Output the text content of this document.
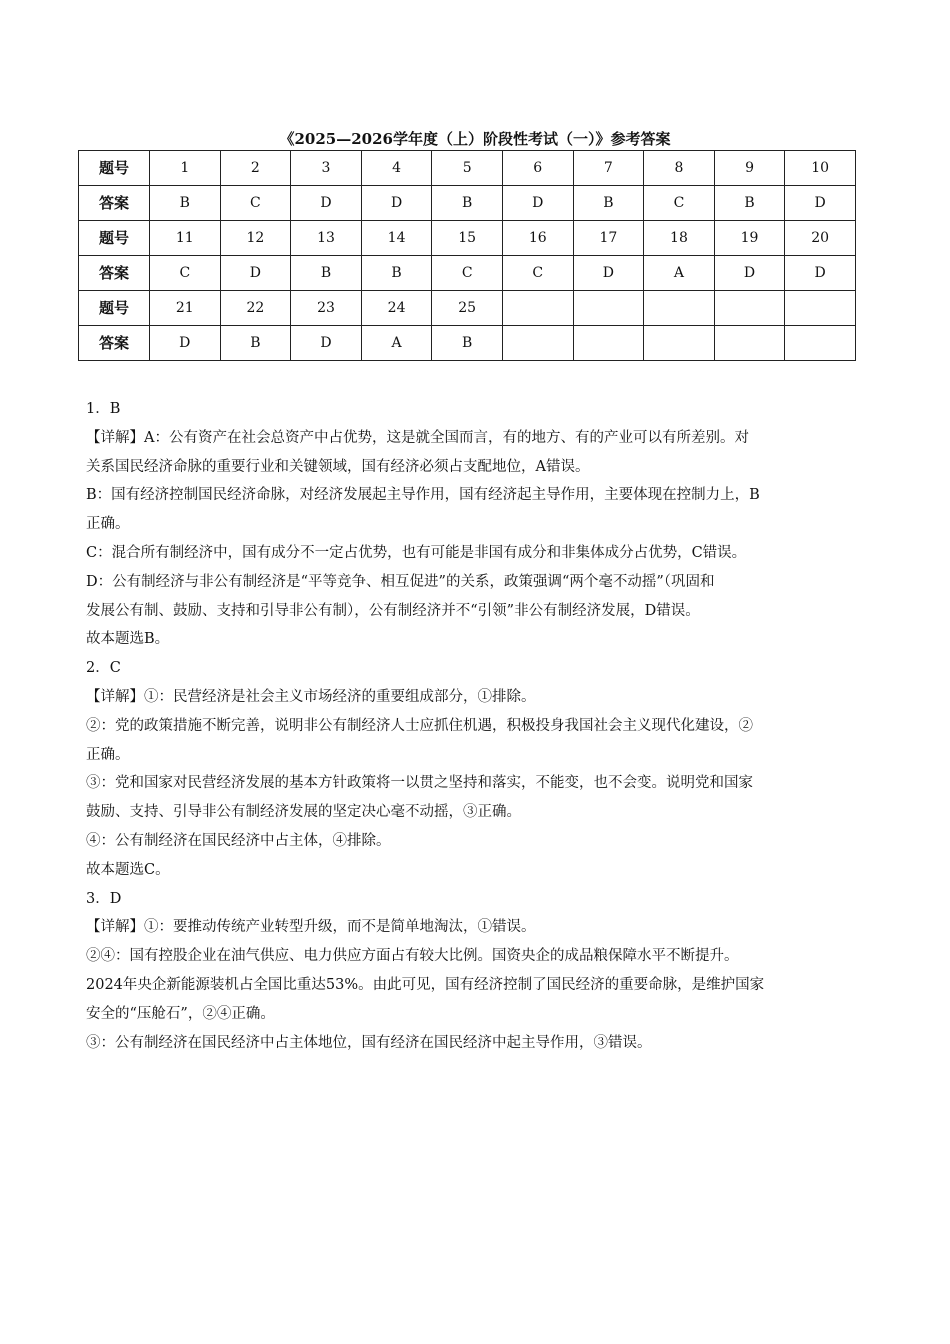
《2025—2026学年度（上）阶段性考试（一）》参考答案
题号	1	2	3	4	5	6	7	8	9	10
答案	B	C	D	D	B	D	B	C	B	D
题号	11	12	13	14	15	16	17	18	19	20
答案	C	D	B	B	C	C	D	A	D	D
题号	21	22	23	24	25					
答案	D	B	D	A	B					

1．B

【详解】A：公有资产在社会总资产中占优势，这是就全国而言，有的地方、有的产业可以有所差别。对

关系国民经济命脉的重要行业和关键领域，国有经济必须占支配地位，A错误。

B：国有经济控制国民经济命脉，对经济发展起主导作用，国有经济起主导作用，主要体现在控制力上，B

正确。

C：混合所有制经济中，国有成分不一定占优势，也有可能是非国有成分和非集体成分占优势，C错误。

D：公有制经济与非公有制经济是“平等竞争、相互促进”的关系，政策强调“两个毫不动摇”（巩固和

发展公有制、鼓励、支持和引导非公有制），公有制经济并不“引领”非公有制经济发展，D错误。

故本题选B。

2．C

【详解】①：民营经济是社会主义市场经济的重要组成部分，①排除。

②：党的政策措施不断完善，说明非公有制经济人士应抓住机遇，积极投身我国社会主义现代化建设，②

正确。

③：党和国家对民营经济发展的基本方针政策将一以贯之坚持和落实，不能变，也不会变。说明党和国家

鼓励、支持、引导非公有制经济发展的坚定决心毫不动摇，③正确。

④：公有制经济在国民经济中占主体，④排除。

故本题选C。

3．D

【详解】①：要推动传统产业转型升级，而不是简单地淘汰，①错误。

②④：国有控股企业在油气供应、电力供应方面占有较大比例。国资央企的成品粮保障水平不断提升。

2024年央企新能源装机占全国比重达53%。由此可见，国有经济控制了国民经济的重要命脉，是维护国家

安全的“压舱石”，②④正确。

③：公有制经济在国民经济中占主体地位，国有经济在国民经济中起主导作用，③错误。
